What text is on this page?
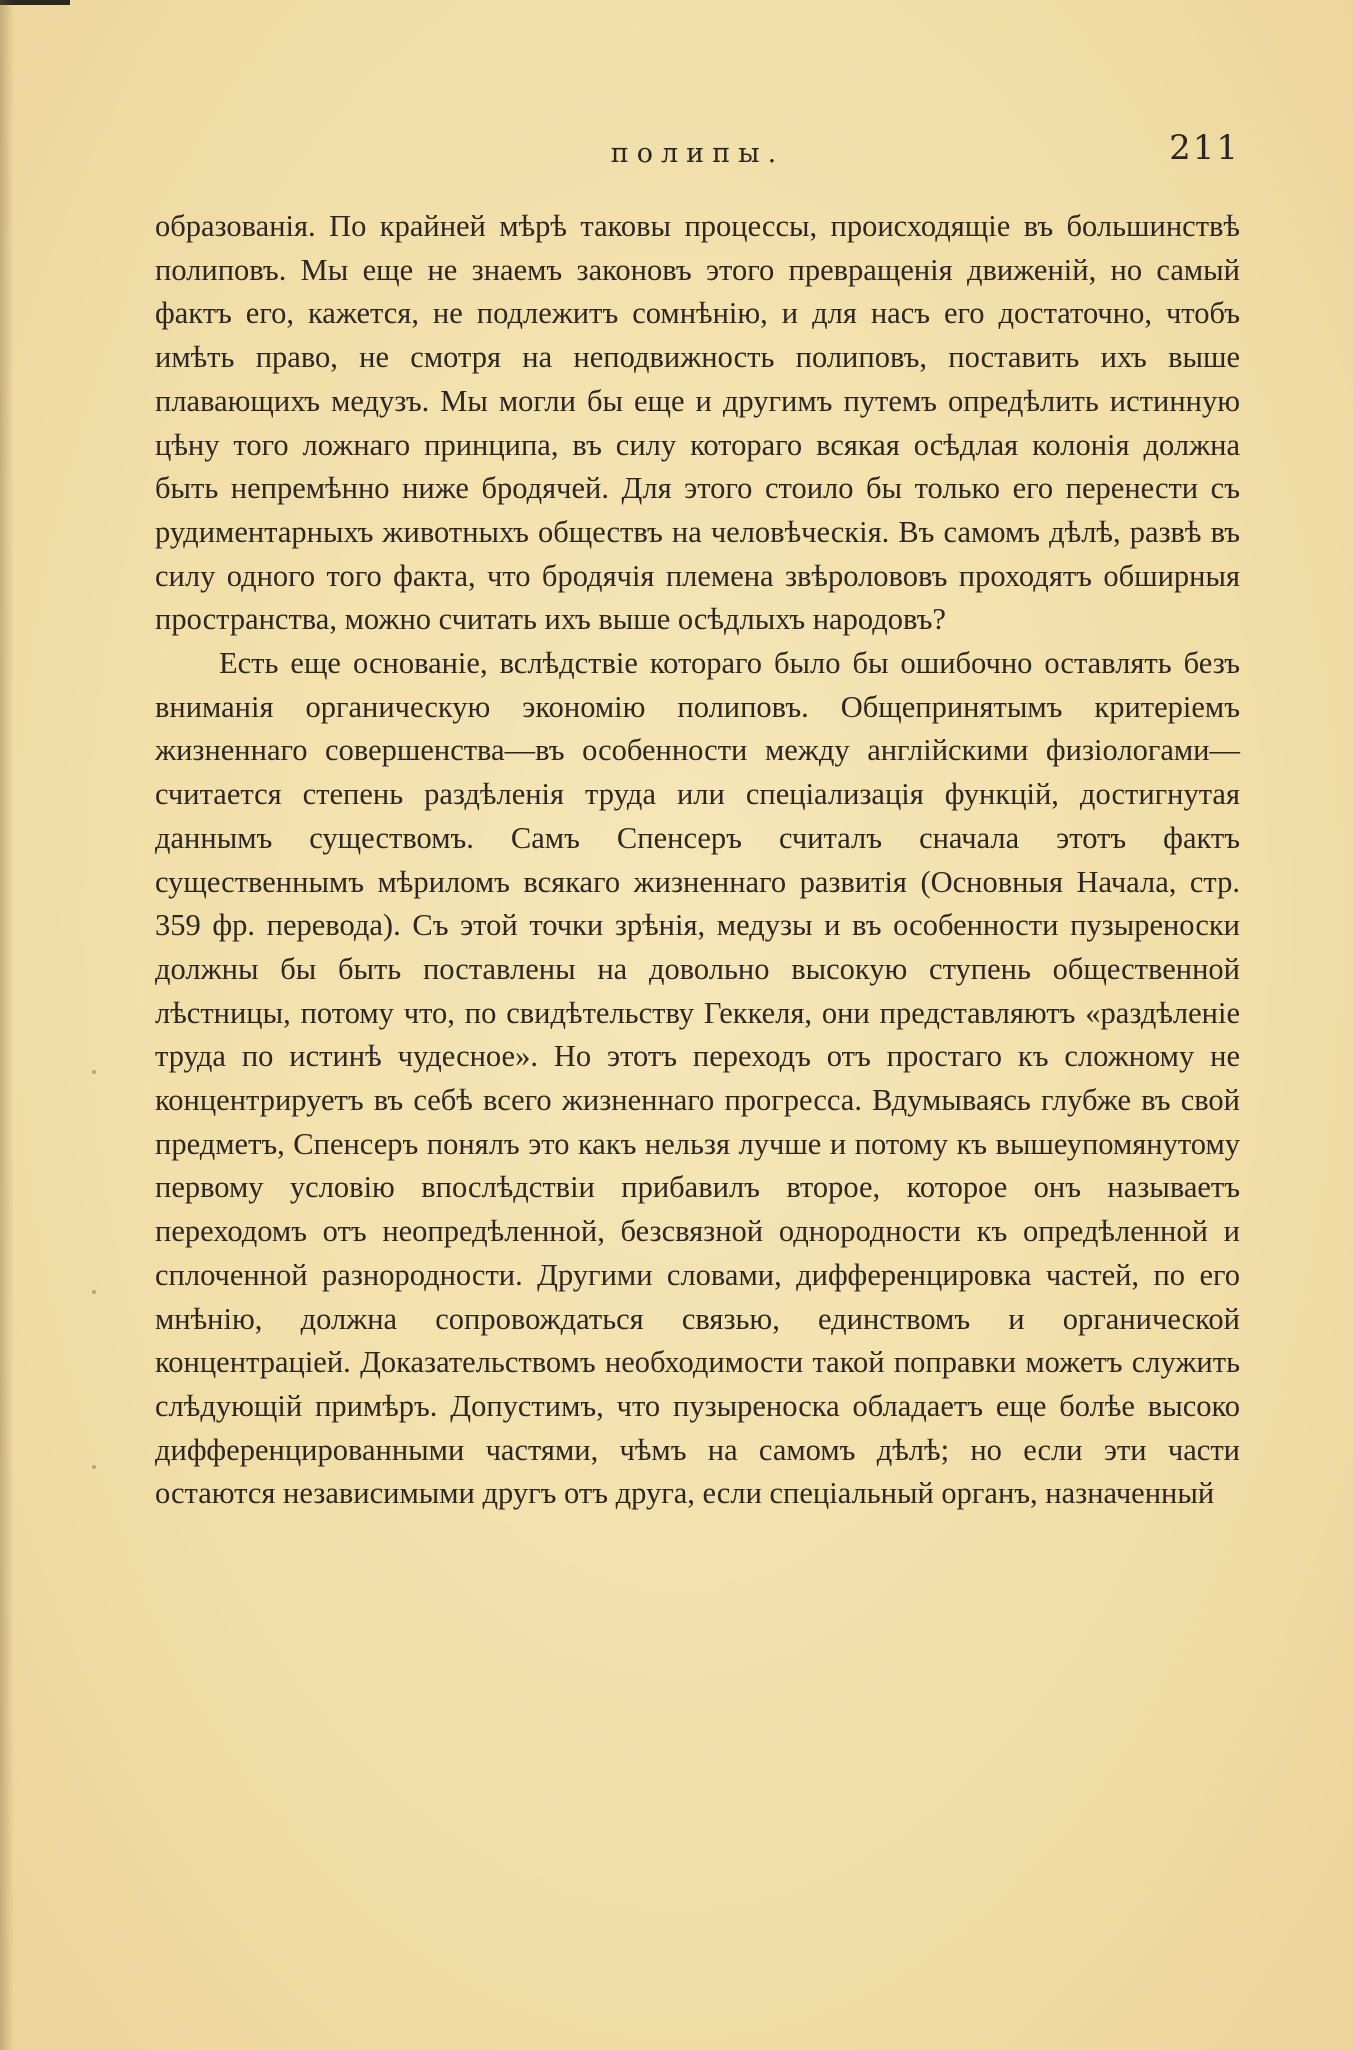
полипы.	211

образованія. По крайней мѣрѣ таковы процессы, происходящіе въ большинствѣ полиповъ. Мы еще не знаемъ законовъ этого превращенія движеній, но самый фактъ его, кажется, не подлежитъ сомнѣнію, и для насъ его достаточно, чтобъ имѣть право, не смотря на неподвижность полиповъ, поставить ихъ выше плавающихъ медузъ. Мы могли бы еще и другимъ путемъ опредѣлить истинную цѣну того ложнаго принципа, въ силу котораго всякая осѣдлая колонія должна быть непремѣнно ниже бродячей. Для этого стоило бы только его перенести съ рудиментарныхъ животныхъ обществъ на человѣческія. Въ самомъ дѣлѣ, развѣ въ силу одного того факта, что бродячія племена звѣролововъ проходятъ обширныя пространства, можно считать ихъ выше осѣдлыхъ народовъ?

Есть еще основаніе, вслѣдствіе котораго было бы ошибочно оставлять безъ вниманія органическую экономію полиповъ. Общепринятымъ критеріемъ жизненнаго совершенства—въ особенности между англійскими физіологами—считается степень раздѣленія труда или спеціализація функцій, достигнутая даннымъ существомъ. Самъ Спенсеръ считалъ сначала этотъ фактъ существеннымъ мѣриломъ всякаго жизненнаго развитія (Основныя Начала, стр. 359 фр. перевода). Съ этой точки зрѣнія, медузы и въ особенности пузыреноски должны бы быть поставлены на довольно высокую ступень общественной лѣстницы, потому что, по свидѣтельству Геккеля, они представляютъ «раздѣленіе труда по истинѣ чудесное». Но этотъ переходъ отъ простаго къ сложному не концентрируетъ въ себѣ всего жизненнаго прогресса. Вдумываясь глубже въ свой предметъ, Спенсеръ понялъ это какъ нельзя лучше и потому къ вышеупомянутому первому условію впослѣдствіи прибавилъ второе, которое онъ называетъ переходомъ отъ неопредѣленной, безсвязной однородности къ опредѣленной и сплоченной разнородности. Другими словами, дифференцировка частей, по его мнѣнію, должна сопровождаться связью, единствомъ и органической концентраціей. Доказательствомъ необходимости такой поправки можетъ служить слѣдующій примѣръ. Допустимъ, что пузыреноска обладаетъ еще болѣе высоко дифференцированными частями, чѣмъ на самомъ дѣлѣ; но если эти части остаются независимыми другъ отъ друга, если спеціальный органъ, назначенный
